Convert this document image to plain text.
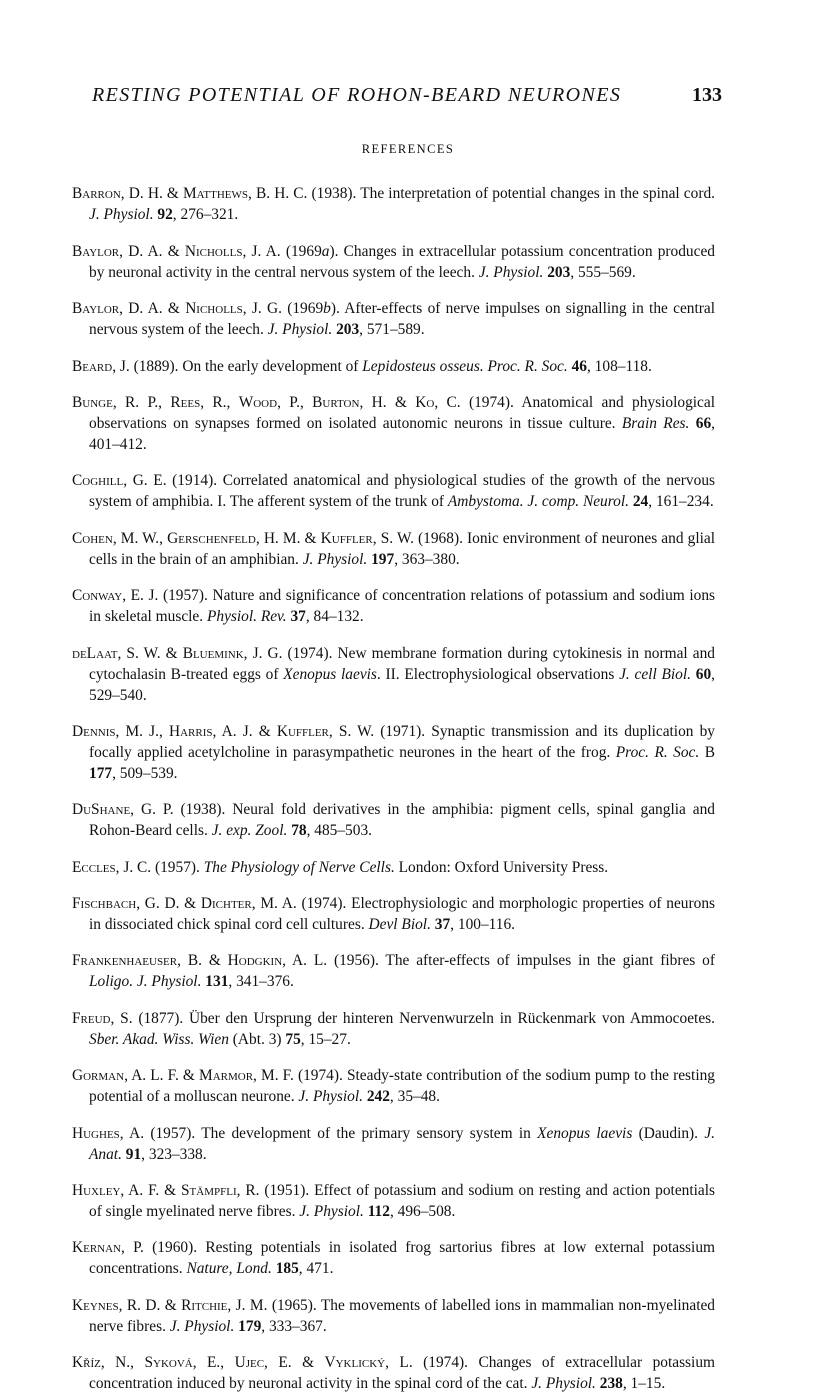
RESTING POTENTIAL OF ROHON-BEARD NEURONES	133
REFERENCES

Barron, D. H. & Matthews, B. H. C. (1938). The interpretation of potential changes in the spinal cord. J. Physiol. 92, 276–321.

Baylor, D. A. & Nicholls, J. A. (1969a). Changes in extracellular potassium concentration produced by neuronal activity in the central nervous system of the leech. J. Physiol. 203, 555–569.

Baylor, D. A. & Nicholls, J. G. (1969b). After-effects of nerve impulses on signalling in the central nervous system of the leech. J. Physiol. 203, 571–589.

Beard, J. (1889). On the early development of Lepidosteus osseus. Proc. R. Soc. 46, 108–118.

Bunge, R. P., Rees, R., Wood, P., Burton, H. & Ko, C. (1974). Anatomical and physiological observations on synapses formed on isolated autonomic neurons in tissue culture. Brain Res. 66, 401–412.

Coghill, G. E. (1914). Correlated anatomical and physiological studies of the growth of the nervous system of amphibia. I. The afferent system of the trunk of Ambystoma. J. comp. Neurol. 24, 161–234.

Cohen, M. W., Gerschenfeld, H. M. & Kuffler, S. W. (1968). Ionic environment of neurones and glial cells in the brain of an amphibian. J. Physiol. 197, 363–380.

Conway, E. J. (1957). Nature and significance of concentration relations of potassium and sodium ions in skeletal muscle. Physiol. Rev. 37, 84–132.

deLaat, S. W. & Bluemink, J. G. (1974). New membrane formation during cytokinesis in normal and cytochalasin B-treated eggs of Xenopus laevis. II. Electrophysiological observations J. cell Biol. 60, 529–540.

Dennis, M. J., Harris, A. J. & Kuffler, S. W. (1971). Synaptic transmission and its duplication by focally applied acetylcholine in parasympathetic neurones in the heart of the frog. Proc. R. Soc. B 177, 509–539.

DuShane, G. P. (1938). Neural fold derivatives in the amphibia: pigment cells, spinal ganglia and Rohon-Beard cells. J. exp. Zool. 78, 485–503.

Eccles, J. C. (1957). The Physiology of Nerve Cells. London: Oxford University Press.

Fischbach, G. D. & Dichter, M. A. (1974). Electrophysiologic and morphologic properties of neurons in dissociated chick spinal cord cell cultures. Devl Biol. 37, 100–116.

Frankenhaeuser, B. & Hodgkin, A. L. (1956). The after-effects of impulses in the giant fibres of Loligo. J. Physiol. 131, 341–376.

Freud, S. (1877). Über den Ursprung der hinteren Nervenwurzeln in Rückenmark von Ammocoetes. Sber. Akad. Wiss. Wien (Abt. 3) 75, 15–27.

Gorman, A. L. F. & Marmor, M. F. (1974). Steady-state contribution of the sodium pump to the resting potential of a molluscan neurone. J. Physiol. 242, 35–48.

Hughes, A. (1957). The development of the primary sensory system in Xenopus laevis (Daudin). J. Anat. 91, 323–338.

Huxley, A. F. & Stämpfli, R. (1951). Effect of potassium and sodium on resting and action potentials of single myelinated nerve fibres. J. Physiol. 112, 496–508.

Kernan, P. (1960). Resting potentials in isolated frog sartorius fibres at low external potassium concentrations. Nature, Lond. 185, 471.

Keynes, R. D. & Ritchie, J. M. (1965). The movements of labelled ions in mammalian non-myelinated nerve fibres. J. Physiol. 179, 333–367.

Kříz, N., Syková, E., Ujec, E. & Vyklický, L. (1974). Changes of extracellular potassium concentration induced by neuronal activity in the spinal cord of the cat. J. Physiol. 238, 1–15.
